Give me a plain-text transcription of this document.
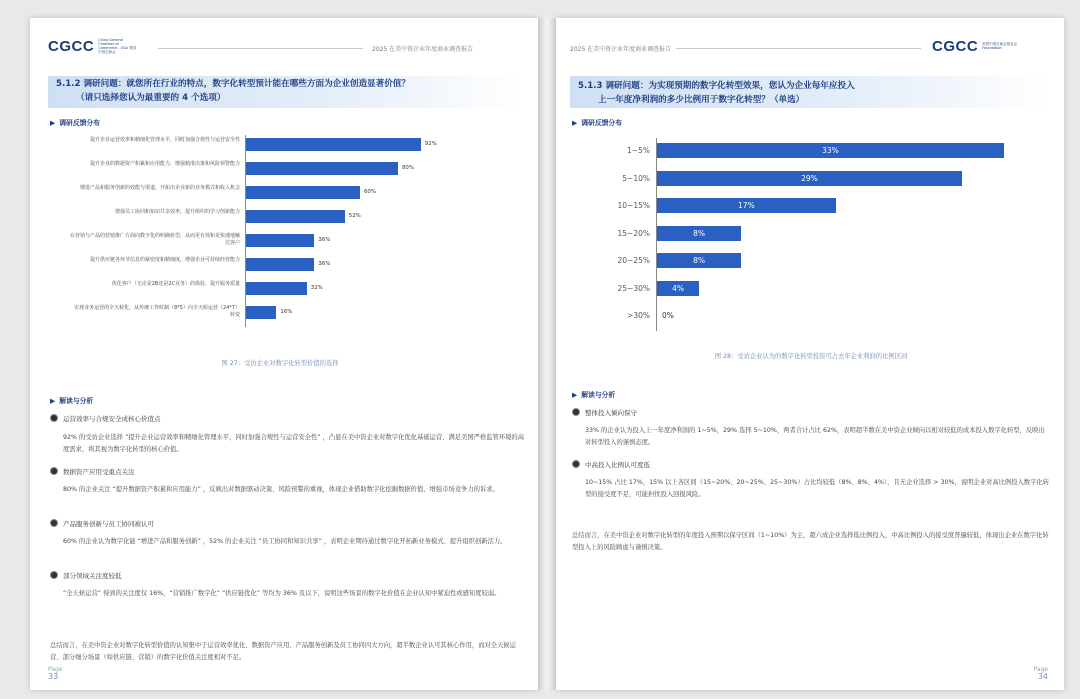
CGCC China General Chamber of Commerce - USA 美国中国总商会	2025 在美中资企业年度商业调查报告
5.1.2 调研问题：就您所在行业的特点，数字化转型预计能在哪些方面为企业创造显著价值？
（请只选择您认为最重要的 4 个选项）
▶ 调研反馈分布
提升企业运营效率和精细化管理水平，同时加强合规性与运营安全性
92%
提升企业的数据资产积累和应用能力，增强精准决策和风险预警能力
80%
增进产品和服务创新的效能与渠道，开拓出企业新的业务模式和收入机会
60%
增强员工协同和知识共享效率，提升组织的学习创新能力
52%
在营销与产品的营销推广方面向数字化的明确转型，从而更有效和更快速地触达客户	36%
提升供应链各环节信息的紧密度和精细度，增强企业可持续经营能力
36%
优化客户（无论是2B还是2C业务）的体验，提升服务质量
32%
实现业务运营的全天候化，从传统工作时制（8*5）向全天候运营（24*7）转变	16%
图 27：受访企业对数字化转型价值的选择
▶ 解读与分析
运营效率与合规安全成核心价值点
92% 的受访企业选择 “提升企业运营效率和精细化管理水平，同时加强合规性与运营安全性” ，凸显在美中资企业对数字化优化基础运营、满足美国严格监管环境的高度需求，将其视为数字化转型的核心价值。
数据资产应用受重点关注
80% 的企业关注 “提升数据资产积累和应用能力” ，反映出对数据驱动决策、风险预警的重视，体现企业借助数字化挖掘数据价值、增强市场竞争力的诉求。
产品服务创新与员工协同被认可
60% 的企业认为数字化能 “增进产品和服务创新” ，52% 的企业关注 “员工协同和知识共享” ，表明企业期待通过数字化开拓新业务模式、提升组织创新活力。
部分领域关注度较低
“全天候运营” 得到的关注度仅 16%，“营销推广数字化” “供应链优化” 等均为 36% 及以下，说明这些场景的数字化价值在企业认知中紧迫性或感知度较弱。
总结而言，在美中资企业对数字化转型价值的认知集中于运营效率优化、数据资产应用、产品服务创新及员工协同四大方向，超半数企业认可其核心作用，而对全天候运营、部分细分场景（如供应链、营销）的数字化价值关注度相对不足。
Page
33
2025 在美中资企业年度商业调查报告	CGCC 美国中国总商会基金会 Foundation
5.1.3 调研问题：为实现预期的数字化转型效果，您认为企业每年应投入
上一年度净利润的多少比例用于数字化转型？（单选）
▶ 调研反馈分布
1~5%	33%
5~10%	29%
10~15%	17%
15~20%	8%
20~25%	8%
25~30%	4%
>30% 0%
图 28：受访企业认为的数字化转型投资可占去年企业利润的比例区间
▶ 解读与分析
整体投入倾向保守
33% 的企业认为投入上一年度净利润的 1~5%，29% 选择 5~10%，两者合计占比 62%，表明超半数在美中资企业倾向以相对较低的成本投入数字化转型，反映出对转型投入的谨慎态度。
中高投入比例认可度低
10~15% 占比 17%，15% 以上各区间（15~20%、20~25%、25~30%）占比均较低（8%、8%、4%），且无企业选择 > 30%，说明企业对高比例投入数字化转型的接受度不足，可能担忧投入回报风险。
总结而言，在美中资企业对数字化转型的年度投入预期以保守区间（1~10%）为主，超六成企业选择低比例投入，中高比例投入的接受度普遍较低，体现出企业在数字化转型投入上的风险顾虑与谨慎决策。
Page
34
